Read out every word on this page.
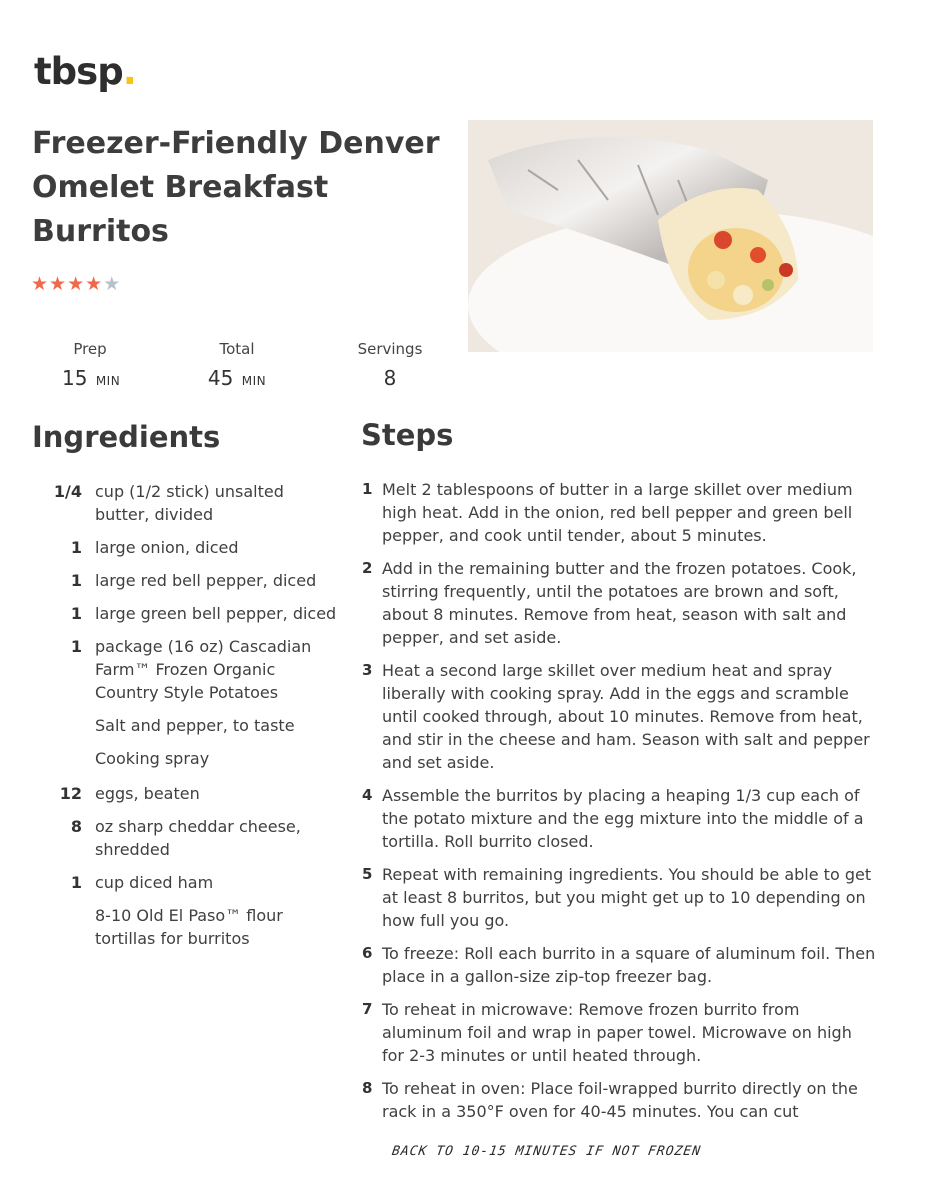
tbsp.
Freezer-Friendly Denver Omelet Breakfast Burritos
★★★★★
Prep
15 MIN
Total
45 MIN
Servings
8
Ingredients
1/4 cup (1/2 stick) unsalted butter, divided
1 large onion, diced
1 large red bell pepper, diced
1 large green bell pepper, diced
1 package (16 oz) Cascadian Farm™ Frozen Organic Country Style Potatoes
Salt and pepper, to taste
Cooking spray
12 eggs, beaten
8 oz sharp cheddar cheese, shredded
1 cup diced ham
8-10 Old El Paso™ flour tortillas for burritos
Steps
1 Melt 2 tablespoons of butter in a large skillet over medium high heat. Add in the onion, red bell pepper and green bell pepper, and cook until tender, about 5 minutes.
2 Add in the remaining butter and the frozen potatoes. Cook, stirring frequently, until the potatoes are brown and soft, about 8 minutes. Remove from heat, season with salt and pepper, and set aside.
3 Heat a second large skillet over medium heat and spray liberally with cooking spray. Add in the eggs and scramble until cooked through, about 10 minutes. Remove from heat, and stir in the cheese and ham. Season with salt and pepper and set aside.
4 Assemble the burritos by placing a heaping 1/3 cup each of the potato mixture and the egg mixture into the middle of a tortilla. Roll burrito closed.
5 Repeat with remaining ingredients. You should be able to get at least 8 burritos, but you might get up to 10 depending on how full you go.
6 To freeze: Roll each burrito in a square of aluminum foil. Then place in a gallon-size zip-top freezer bag.
7 To reheat in microwave: Remove frozen burrito from aluminum foil and wrap in paper towel. Microwave on high for 2-3 minutes or until heated through.
8 To reheat in oven: Place foil-wrapped burrito directly on the rack in a 350°F oven for 40-45 minutes. You can cut
BACK TO 10-15 MINUTES IF NOT FROZEN
